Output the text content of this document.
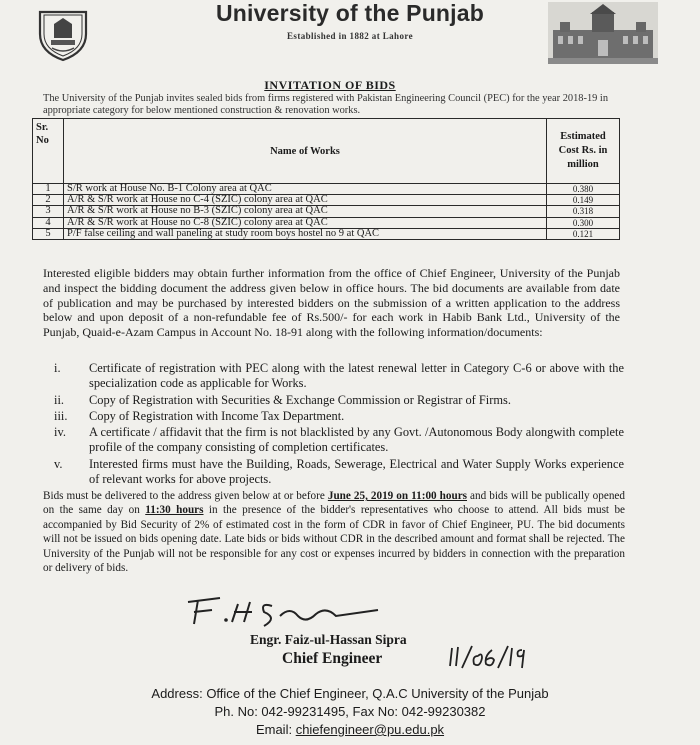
University of the Punjab
Established in 1882 at Lahore
INVITATION OF BIDS
The University of the Punjab invites sealed bids from firms registered with Pakistan Engineering Council (PEC) for the year 2018-19 in appropriate category for below mentioned construction & renovation works.
Sr. No	Name of Works	Estimated Cost Rs. in million
1	S/R work at House No. B-1 Colony area at QAC	0.380
2	A/R & S/R work at House no C-4 (SZIC) colony area at QAC	0.149
3	A/R & S/R work at House no B-3 (SZIC) colony area at QAC	0.318
4	A/R & S/R work at House no C-8 (SZIC) colony area at QAC	0.300
5	P/F false ceiling and wall paneling at study room boys hostel no 9 at QAC	0.121
Interested eligible bidders may obtain further information from the office of Chief Engineer, University of the Punjab and inspect the bidding document the address given below in office hours. The bid documents are available from date of publication and may be purchased by interested bidders on the submission of a written application to the address below and upon deposit of a non-refundable fee of Rs.500/- for each work in Habib Bank Ltd., University of the Punjab, Quaid-e-Azam Campus in Account No. 18-91 along with the following information/documents:
i.	Certificate of registration with PEC along with the latest renewal letter in Category C-6 or above with the specialization code as applicable for Works.
ii.	Copy of Registration with Securities & Exchange Commission or Registrar of Firms.
iii.	Copy of Registration with Income Tax Department.
iv.	A certificate / affidavit that the firm is not blacklisted by any Govt. /Autonomous Body alongwith complete profile of the company consisting of completion certificates.
v.	Interested firms must have the Building, Roads, Sewerage, Electrical and Water Supply Works experience of relevant works for above projects.
Bids must be delivered to the address given below at or before June 25, 2019 on 11:00 hours and bids will be publically opened on the same day on 11:30 hours in the presence of the bidder's representatives who choose to attend. All bids must be accompanied by Bid Security of 2% of estimated cost in the form of CDR in favor of Chief Engineer, PU. The bid documents will not be issued on bids opening date. Late bids or bids without CDR in the described amount and format shall be rejected. The University of the Punjab will not be responsible for any cost or expenses incurred by bidders in connection with the preparation or delivery of bids.
Engr. Faiz-ul-Hassan Sipra
Chief Engineer
Address: Office of the Chief Engineer, Q.A.C University of the Punjab
Ph. No: 042-99231495, Fax No: 042-99230382
Email: chiefengineer@pu.edu.pk
